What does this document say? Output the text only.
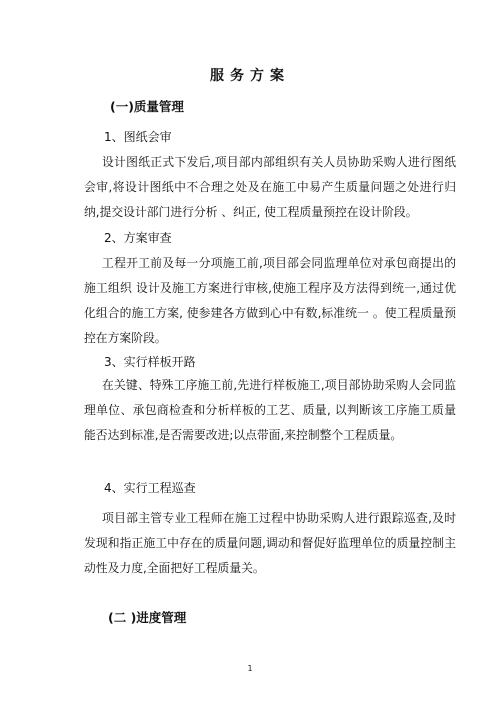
服务方案
(一)质量管理
1、图纸会审
设计图纸正式下发后,项目部内部组织有关人员协助采购人进行图纸会审,将设计图纸中不合理之处及在施工中易产生质量问题之处进行归纳,提交设计部门进行分析 、纠正, 使工程质量预控在设计阶段。
2、方案审查
工程开工前及每一分项施工前,项目部会同监理单位对承包商提出的施工组织 设计及施工方案进行审核,使施工程序及方法得到统一,通过优化组合的施工方案, 使参建各方做到心中有数,标准统一 。使工程质量预控在方案阶段。
3、实行样板开路
在关键、特殊工序施工前,先进行样板施工,项目部协助采购人会同监理单位、承包商检查和分析样板的工艺、质量, 以判断该工序施工质量能否达到标准,是否需要改进;以点带面,来控制整个工程质量。
4、实行工程巡查
项目部主管专业工程师在施工过程中协助采购人进行跟踪巡查,及时发现和指正施工中存在的质量问题,调动和督促好监理单位的质量控制主动性及力度,全面把好工程质量关。
(二 )进度管理
1
